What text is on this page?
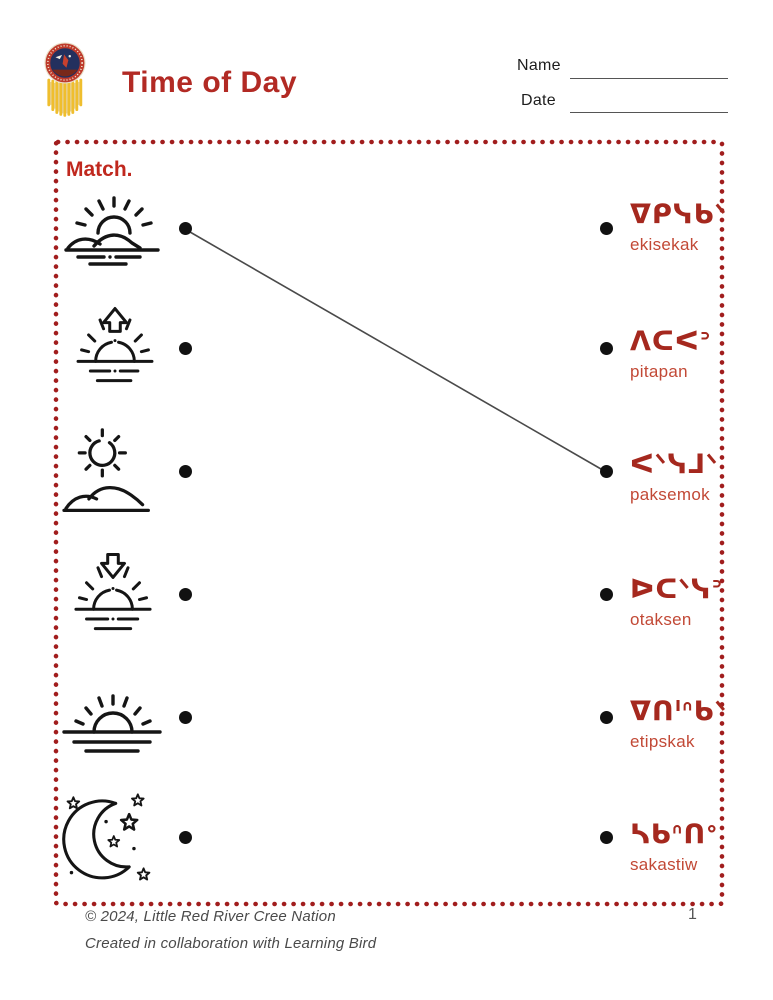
Time of Day
Name
Date
Match.
ᐁᑭᓭᑲᐠ
ekisekak
ᐱᑕᐸᐣ
pitapan
ᐸᐠᓭᒧᐠ
paksemok
ᐅᑕᐠᓭᐣ
otaksen
ᐁᑎᑊᐢᑲᐠ
etipskak
ᓴᑲᐢᑎᐤ
sakastiw
© 2024, Little Red River Cree Nation
Created in collaboration with Learning Bird
1
